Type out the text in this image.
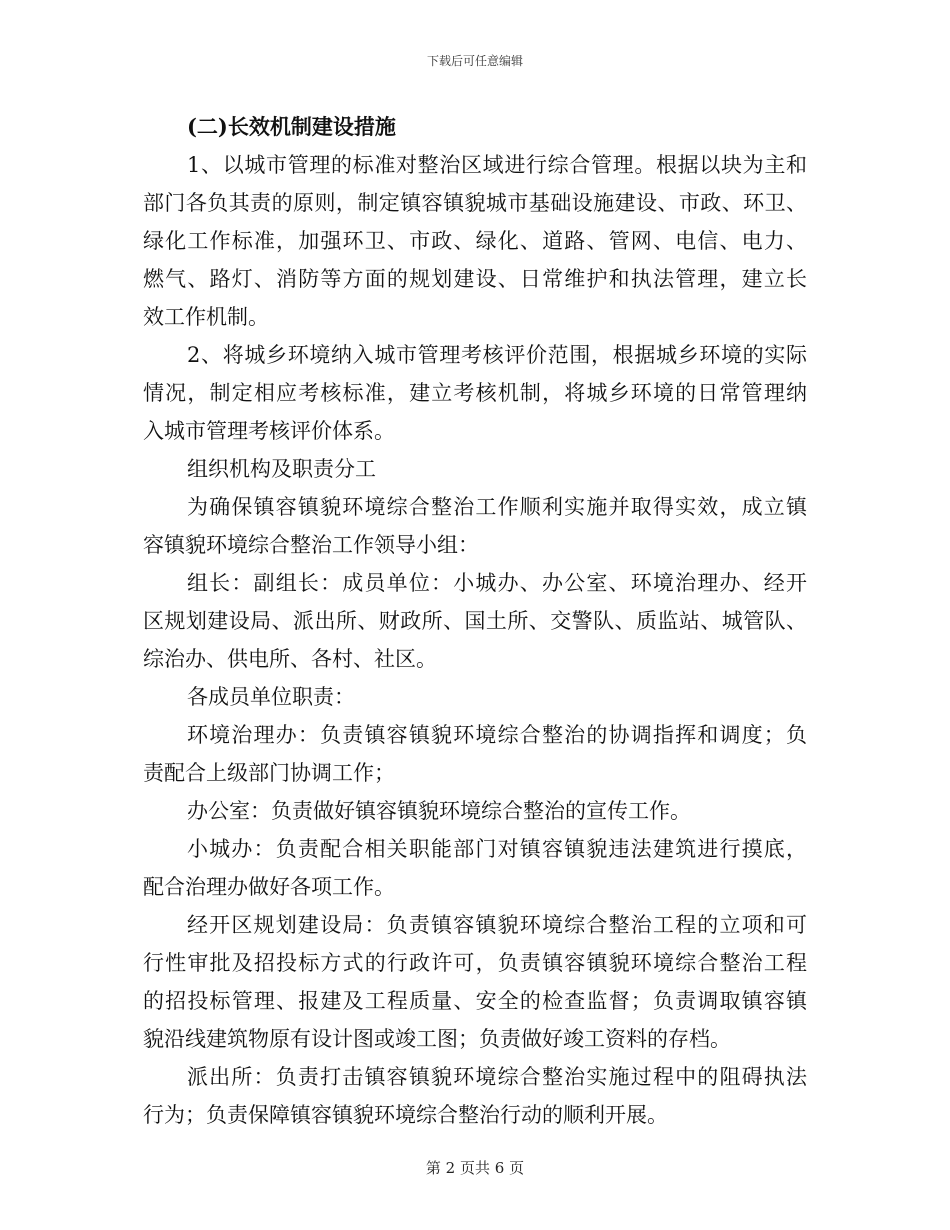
下载后可任意编辑
(二)长效机制建设措施
1、以城市管理的标准对整治区域进行综合管理。根据以块为主和
部门各负其责的原则，制定镇容镇貌城市基础设施建设、市政、环卫、
绿化工作标准，加强环卫、市政、绿化、道路、管网、电信、电力、
燃气、路灯、消防等方面的规划建设、日常维护和执法管理，建立长
效工作机制。
2、将城乡环境纳入城市管理考核评价范围，根据城乡环境的实际
情况，制定相应考核标准，建立考核机制，将城乡环境的日常管理纳
入城市管理考核评价体系。
组织机构及职责分工
为确保镇容镇貌环境综合整治工作顺利实施并取得实效，成立镇
容镇貌环境综合整治工作领导小组：
组长：副组长：成员单位：小城办、办公室、环境治理办、经开
区规划建设局、派出所、财政所、国土所、交警队、质监站、城管队、
综治办、供电所、各村、社区。
各成员单位职责：
环境治理办：负责镇容镇貌环境综合整治的协调指挥和调度；负
责配合上级部门协调工作；
办公室：负责做好镇容镇貌环境综合整治的宣传工作。
小城办：负责配合相关职能部门对镇容镇貌违法建筑进行摸底，
配合治理办做好各项工作。
经开区规划建设局：负责镇容镇貌环境综合整治工程的立项和可
行性审批及招投标方式的行政许可，负责镇容镇貌环境综合整治工程
的招投标管理、报建及工程质量、安全的检查监督；负责调取镇容镇
貌沿线建筑物原有设计图或竣工图；负责做好竣工资料的存档。
派出所：负责打击镇容镇貌环境综合整治实施过程中的阻碍执法
行为；负责保障镇容镇貌环境综合整治行动的顺利开展。
第 2 页共 6 页
